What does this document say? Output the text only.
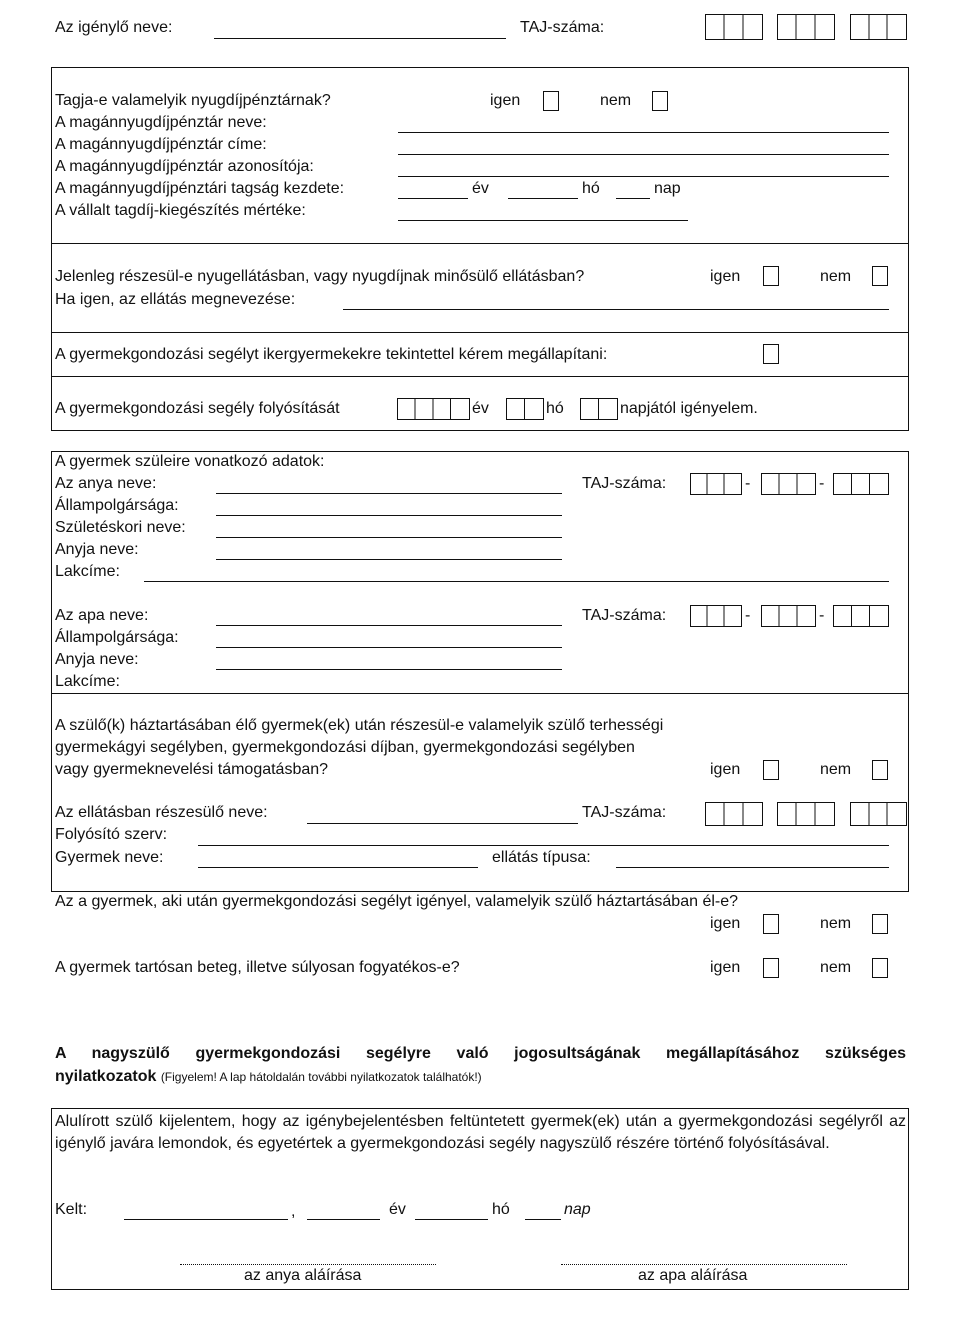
Az igénylő neve:	TAJ-száma:
Tagja-e valamelyik nyugdíjpénztárnak?	igen	nem
A magánnyugdíjpénztár neve:
A magánnyugdíjpénztár címe:
A magánnyugdíjpénztár azonosítója:
A magánnyugdíjpénztári tagság kezdete:	év	hó	nap
A vállalt tagdíj-kiegészítés mértéke:
Jelenleg részesül-e nyugellátásban, vagy nyugdíjnak minősülő ellátásban?	igen	nem
Ha igen, az ellátás megnevezése:
A gyermekgondozási segélyt ikergyermekekre tekintettel kérem megállapítani:
A gyermekgondozási segély folyósítását	év	hó	napjától igényelem.
A gyermek szüleire vonatkozó adatok:
Az anya neve:	TAJ-száma:	-	-
Állampolgársága:
Születéskori neve:
Anyja neve:
Lakcíme:
Az apa neve:	TAJ-száma:	-	-
Állampolgársága:
Anyja neve:
Lakcíme:
A szülő(k) háztartásában élő gyermek(ek) után részesül-e valamelyik szülő terhességi
gyermekágyi segélyben, gyermekgondozási díjban, gyermekgondozási segélyben
vagy gyermeknevelési támogatásban?	igen	nem
Az ellátásban részesülő neve:	TAJ-száma:
Folyósító szerv:
Gyermek neve:	ellátás típusa:
Az a gyermek, aki után gyermekgondozási segélyt igényel, valamelyik szülő háztartásában él-e?
igen	nem
A gyermek tartósan beteg, illetve súlyosan fogyatékos-e?	igen	nem
A nagyszülő gyermekgondozási segélyre való jogosultságának megállapításához szükséges
nyilatkozatok (Figyelem! A lap hátoldalán további nyilatkozatok találhatók!)
Alulírott szülő kijelentem, hogy az igénybejelentésben feltüntetett gyermek(ek) után a gyermekgondozási segélyről az igénylő javára lemondok, és egyetértek a gyermekgondozási segély nagyszülő részére történő folyósításával.
Kelt:	,	év	hó	nap
az anya aláírása	az apa aláírása
